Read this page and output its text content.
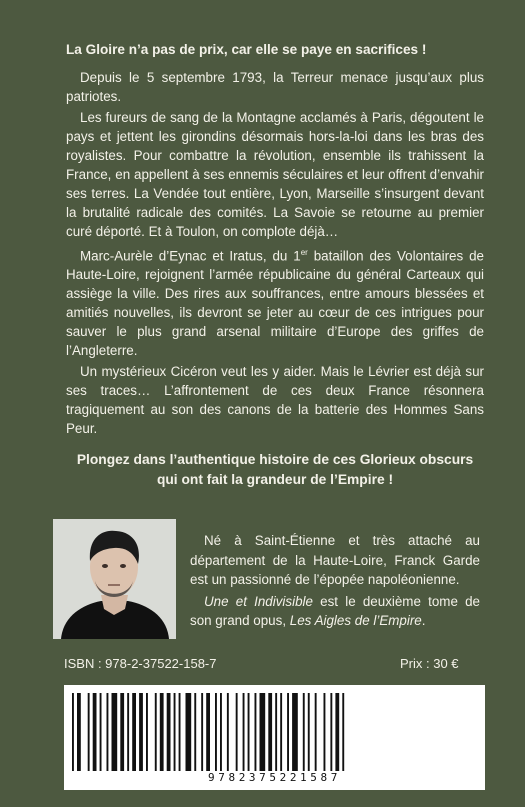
La Gloire n’a pas de prix, car elle se paye en sacrifices !

Depuis le 5 septembre 1793, la Terreur menace jusqu’aux plus patriotes.

Les fureurs de sang de la Montagne acclamés à Paris, dégoutent le pays et jettent les girondins désormais hors-la-loi dans les bras des royalistes. Pour combattre la révolution, ensemble ils trahissent la France, en appellent à ses ennemis séculaires et leur offrent d’envahir ses terres. La Vendée tout entière, Lyon, Marseille s’insurgent devant la brutalité radicale des comités. La Savoie se retourne au premier curé déporté. Et à Toulon, on complote déjà…

Marc-Aurèle d’Eynac et Iratus, du 1er bataillon des Volontaires de Haute-Loire, rejoignent l’armée républicaine du général Carteaux qui assiège la ville. Des rires aux souffrances, entre amours blessées et amitiés nouvelles, ils devront se jeter au cœur de ces intrigues pour sauver le plus grand arsenal militaire d’Europe des griffes de l’Angleterre.

Un mystérieux Cicéron veut les y aider. Mais le Lévrier est déjà sur ses traces… L’affrontement de ces deux France résonnera tragiquement au son des canons de la batterie des Hommes Sans Peur.

Plongez dans l’authentique histoire de ces Glorieux obscurs qui ont fait la grandeur de l’Empire !

Né à Saint-Étienne et très attaché au département de la Haute-Loire, Franck Garde est un passionné de l’épopée napoléonienne.

Une et Indivisible est le deuxième tome de son grand opus, Les Aigles de l’Empire.

ISBN : 978-2-37522-158-7	Prix : 30 €
9782375221587
